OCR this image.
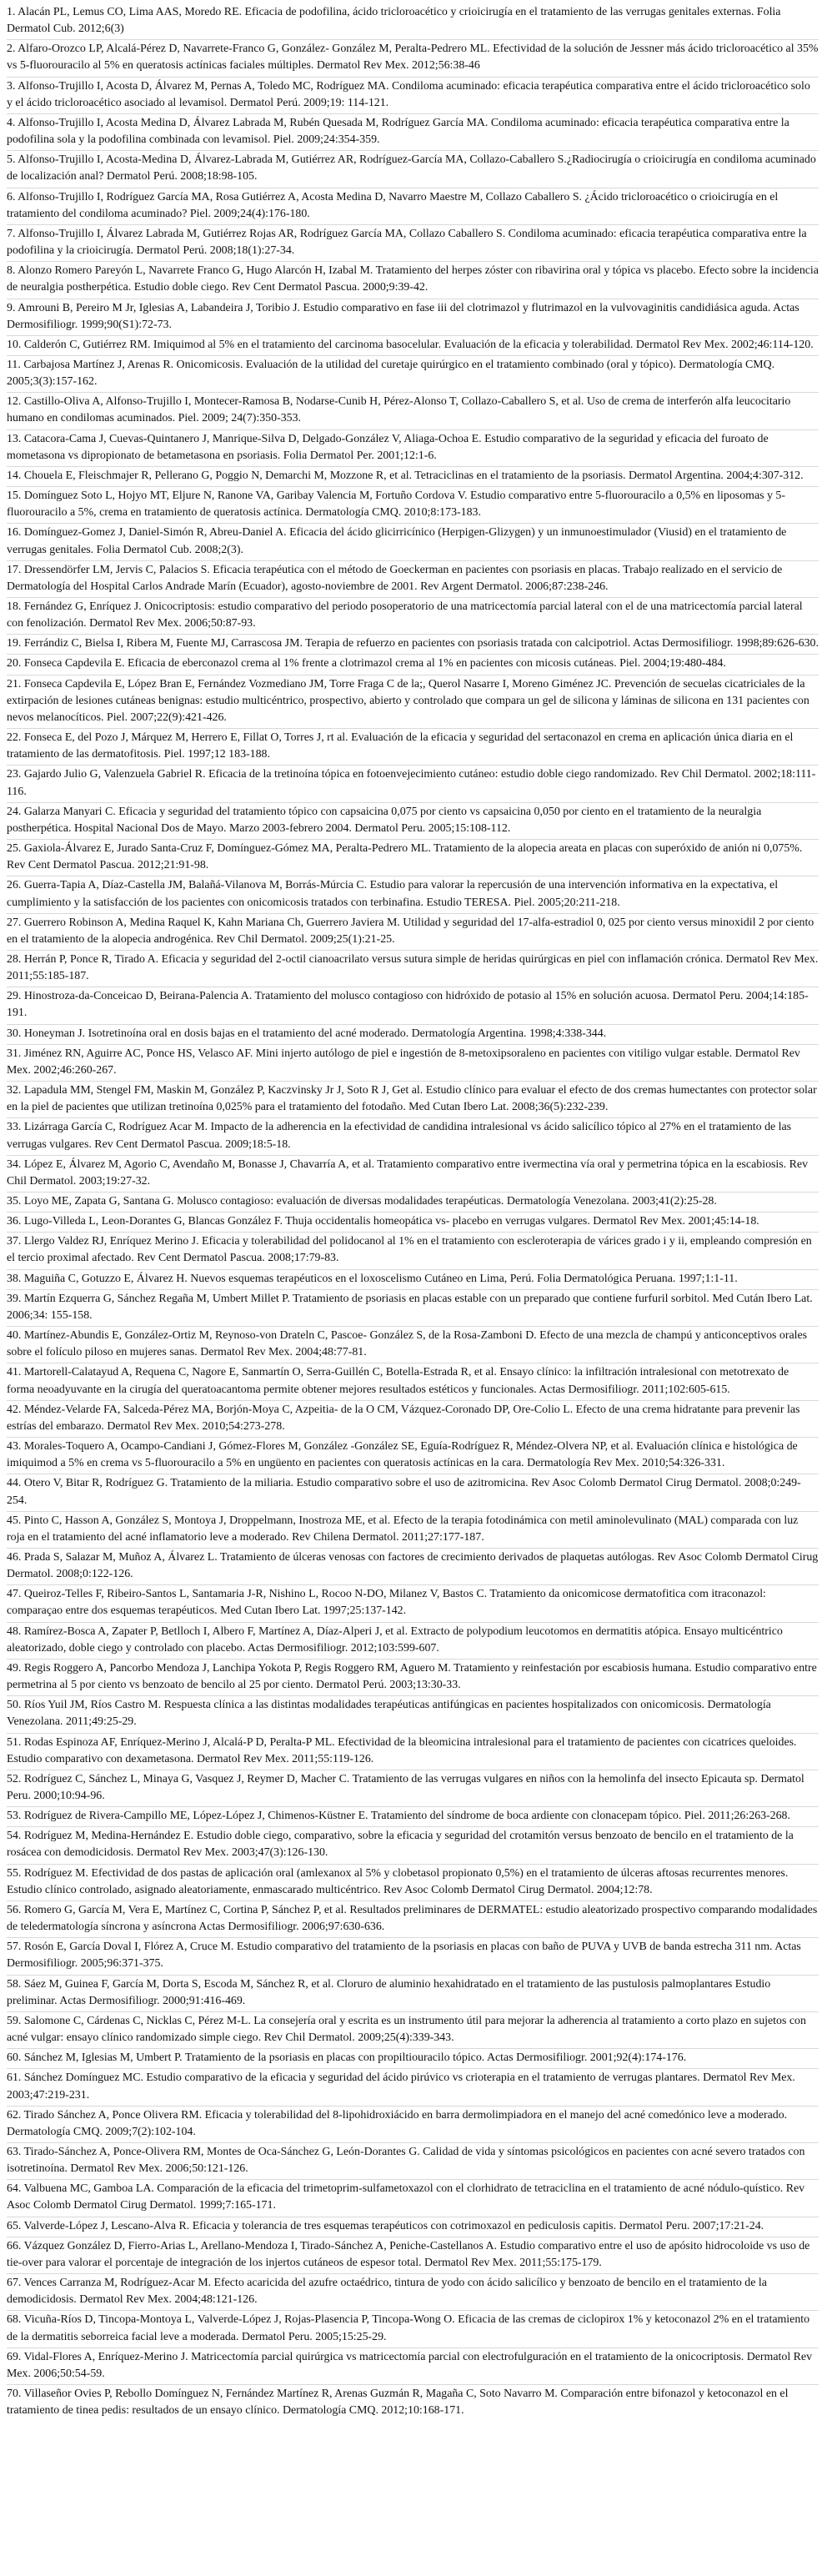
1. Alacán PL, Lemus CO, Lima AAS, Moredo RE. Eficacia de podofilina, ácido tricloroacético y crioicirugía en el tratamiento de las verrugas genitales externas. Folia Dermatol Cub. 2012;6(3)
2. Alfaro-Orozco LP, Alcalá-Pérez D, Navarrete-Franco G, González- González M, Peralta-Pedrero ML. Efectividad de la solución de Jessner más ácido tricloroacético al 35% vs 5-fluorouracilo al 5% en queratosis actínicas faciales múltiples. Dermatol Rev Mex. 2012;56:38-46
3. Alfonso-Trujillo I, Acosta D, Álvarez M, Pernas A, Toledo MC, Rodríguez MA. Condiloma acuminado: eficacia terapéutica comparativa entre el ácido tricloroacético solo y el ácido tricloroacético asociado al levamisol. Dermatol Perú. 2009;19: 114-121.
4. Alfonso-Trujillo I, Acosta Medina D, Álvarez Labrada M, Rubén Quesada M, Rodríguez García MA. Condiloma acuminado: eficacia terapéutica comparativa entre la podofilina sola y la podofilina combinada con levamisol. Piel. 2009;24:354-359.
5. Alfonso-Trujillo I, Acosta-Medina D, Álvarez-Labrada M, Gutiérrez AR, Rodríguez-García MA, Collazo-Caballero S.¿Radiocirugía o crioicirugía en condiloma acuminado de localización anal? Dermatol Perú. 2008;18:98-105.
6. Alfonso-Trujillo I, Rodríguez García MA, Rosa Gutiérrez A, Acosta Medina D, Navarro Maestre M, Collazo Caballero S. ¿Ácido tricloroacético o crioicirugía en el tratamiento del condiloma acuminado? Piel. 2009;24(4):176-180.
7. Alfonso-Trujillo I, Álvarez Labrada M, Gutiérrez Rojas AR, Rodríguez García MA, Collazo Caballero S. Condiloma acuminado: eficacia terapéutica comparativa entre la podofilina y la crioicirugía. Dermatol Perú. 2008;18(1):27-34.
8. Alonzo Romero Pareyón L, Navarrete Franco G, Hugo Alarcón H, Izabal M. Tratamiento del herpes zóster con ribavirina oral y tópica vs placebo. Efecto sobre la incidencia de neuralgia postherpética. Estudio doble ciego. Rev Cent Dermatol Pascua. 2000;9:39-42.
9. Amrouni B, Pereiro M Jr, Iglesias A, Labandeira J, Toribio J. Estudio comparativo en fase iii del clotrimazol y flutrimazol en la vulvovaginitis candidiásica aguda. Actas Dermosifiliogr. 1999;90(S1):72-73.
10. Calderón C, Gutiérrez RM. Imiquimod al 5% en el tratamiento del carcinoma basocelular. Evaluación de la eficacia y tolerabilidad. Dermatol Rev Mex. 2002;46:114-120.
11. Carbajosa Martínez J, Arenas R. Onicomicosis. Evaluación de la utilidad del curetaje quirúrgico en el tratamiento combinado (oral y tópico). Dermatología CMQ. 2005;3(3):157-162.
12. Castillo-Oliva A, Alfonso-Trujillo I, Montecer-Ramosa B, Nodarse-Cunib H, Pérez-Alonso T, Collazo-Caballero S, et al. Uso de crema de interferón alfa leucocitario humano en condilomas acuminados. Piel. 2009; 24(7):350-353.
13. Catacora-Cama J, Cuevas-Quintanero J, Manrique-Silva D, Delgado-González V, Aliaga-Ochoa E. Estudio comparativo de la seguridad y eficacia del furoato de mometasona vs dipropionato de betametasona en psoriasis. Folia Dermatol Per. 2001;12:1-6.
14. Chouela E, Fleischmajer R, Pellerano G, Poggio N, Demarchi M, Mozzone R, et al. Tetraciclinas en el tratamiento de la psoriasis. Dermatol Argentina. 2004;4:307-312.
15. Domínguez Soto L, Hojyo MT, Eljure N, Ranone VA, Garibay Valencia M, Fortuño Cordova V. Estudio comparativo entre 5-fluorouracilo a 0,5% en liposomas y 5-fluorouracilo a 5%, crema en tratamiento de queratosis actínica. Dermatología CMQ. 2010;8:173-183.
16. Domínguez-Gomez J, Daniel-Simón R, Abreu-Daniel A. Eficacia del ácido glicirricínico (Herpigen-Glizygen) y un inmunoestimulador (Viusid) en el tratamiento de verrugas genitales. Folia Dermatol Cub. 2008;2(3).
17. Dressendörfer LM, Jervis C, Palacios S. Eficacia terapéutica con el método de Goeckerman en pacientes con psoriasis en placas. Trabajo realizado en el servicio de Dermatología del Hospital Carlos Andrade Marín (Ecuador), agosto-noviembre de 2001. Rev Argent Dermatol. 2006;87:238-246.
18. Fernández G, Enríquez J. Onicocriptosis: estudio comparativo del periodo posoperatorio de una matricectomía parcial lateral con el de una matricectomía parcial lateral con fenolización. Dermatol Rev Mex. 2006;50:87-93.
19. Ferrándiz C, Bielsa I, Ribera M, Fuente MJ, Carrascosa JM. Terapia de refuerzo en pacientes con psoriasis tratada con calcipotriol. Actas Dermosifiliogr. 1998;89:626-630.
20. Fonseca Capdevila E. Eficacia de eberconazol crema al 1% frente a clotrimazol crema al 1% en pacientes con micosis cutáneas. Piel. 2004;19:480-484.
21. Fonseca Capdevila E, López Bran E, Fernández Vozmediano JM, Torre Fraga C de la;, Querol Nasarre I, Moreno Giménez JC. Prevención de secuelas cicatriciales de la extirpación de lesiones cutáneas benignas: estudio multicéntrico, prospectivo, abierto y controlado que compara un gel de silicona y láminas de silicona en 131 pacientes con nevos melanocíticos. Piel. 2007;22(9):421-426.
22. Fonseca E, del Pozo J, Márquez M, Herrero E, Fillat O, Torres J, rt al. Evaluación de la eficacia y seguridad del sertaconazol en crema en aplicación única diaria en el tratamiento de las dermatofitosis. Piel. 1997;12 183-188.
23. Gajardo Julio G, Valenzuela Gabriel R. Eficacia de la tretinoína tópica en fotoenvejecimiento cutáneo: estudio doble ciego randomizado. Rev Chil Dermatol. 2002;18:111-116.
24. Galarza Manyari C. Eficacia y seguridad del tratamiento tópico con capsaicina 0,075 por ciento vs capsaicina 0,050 por ciento en el tratamiento de la neuralgia postherpética. Hospital Nacional Dos de Mayo. Marzo 2003-febrero 2004. Dermatol Peru. 2005;15:108-112.
25. Gaxiola-Álvarez E, Jurado Santa-Cruz F, Domínguez-Gómez MA, Peralta-Pedrero ML. Tratamiento de la alopecia areata en placas con superóxido de anión ni 0,075%. Rev Cent Dermatol Pascua. 2012;21:91-98.
26. Guerra-Tapia A, Díaz-Castella JM, Balañá-Vilanova M, Borrás-Múrcia C. Estudio para valorar la repercusión de una intervención informativa en la expectativa, el cumplimiento y la satisfacción de los pacientes con onicomicosis tratados con terbinafina. Estudio TERESA. Piel. 2005;20:211-218.
27. Guerrero Robinson A, Medina Raquel K, Kahn Mariana Ch, Guerrero Javiera M. Utilidad y seguridad del 17-alfa-estradiol 0, 025 por ciento versus minoxidil 2 por ciento en el tratamiento de la alopecia androgénica. Rev Chil Dermatol. 2009;25(1):21-25.
28. Herrán P, Ponce R, Tirado A. Eficacia y seguridad del 2-octil cianoacrilato versus sutura simple de heridas quirúrgicas en piel con inflamación crónica. Dermatol Rev Mex. 2011;55:185-187.
29. Hinostroza-da-Conceicao D, Beirana-Palencia A. Tratamiento del molusco contagioso con hidróxido de potasio al 15% en solución acuosa. Dermatol Peru. 2004;14:185-191.
30. Honeyman J. Isotretinoína oral en dosis bajas en el tratamiento del acné moderado. Dermatología Argentina. 1998;4:338-344.
31. Jiménez RN, Aguirre AC, Ponce HS, Velasco AF. Mini injerto autólogo de piel e ingestión de 8-metoxipsoraleno en pacientes con vitiligo vulgar estable. Dermatol Rev Mex. 2002;46:260-267.
32. Lapadula MM, Stengel FM, Maskin M, González P, Kaczvinsky Jr J, Soto R J, Get al. Estudio clínico para evaluar el efecto de dos cremas humectantes con protector solar en la piel de pacientes que utilizan tretinoína 0,025% para el tratamiento del fotodaño. Med Cutan Ibero Lat. 2008;36(5):232-239.
33. Lizárraga García C, Rodríguez Acar M. Impacto de la adherencia en la efectividad de candidina intralesional vs ácido salicílico tópico al 27% en el tratamiento de las verrugas vulgares. Rev Cent Dermatol Pascua. 2009;18:5-18.
34. López E, Álvarez M, Agorio C, Avendaño M, Bonasse J, Chavarría A, et al. Tratamiento comparativo entre ivermectina vía oral y permetrina tópica en la escabiosis. Rev Chil Dermatol. 2003;19:27-32.
35. Loyo ME, Zapata G, Santana G. Molusco contagioso: evaluación de diversas modalidades terapéuticas. Dermatología Venezolana. 2003;41(2):25-28.
36. Lugo-Villeda L, Leon-Dorantes G, Blancas González F. Thuja occidentalis homeopática vs- placebo en verrugas vulgares. Dermatol Rev Mex. 2001;45:14-18.
37. Llergo Valdez RJ, Enríquez Merino J. Eficacia y tolerabilidad del polidocanol al 1% en el tratamiento con escleroterapia de várices grado i y ii, empleando compresión en el tercio proximal afectado. Rev Cent Dermatol Pascua. 2008;17:79-83.
38. Maguiña C, Gotuzzo E, Álvarez H. Nuevos esquemas terapéuticos en el loxoscelismo Cutáneo en Lima, Perú. Folia Dermatológica Peruana. 1997;1:1-11.
39. Martín Ezquerra G, Sánchez Regaña M, Umbert Millet P. Tratamiento de psoriasis en placas estable con un preparado que contiene furfuril sorbitol. Med Cután Ibero Lat. 2006;34: 155-158.
40. Martínez-Abundis E, González-Ortiz M, Reynoso-von Drateln C, Pascoe- González S, de la Rosa-Zamboni D. Efecto de una mezcla de champú y anticonceptivos orales sobre el folículo piloso en mujeres sanas. Dermatol Rev Mex. 2004;48:77-81.
41. Martorell-Calatayud A, Requena C, Nagore E, Sanmartín O, Serra-Guillén C, Botella-Estrada R, et al. Ensayo clínico: la infiltración intralesional con metotrexato de forma neoadyuvante en la cirugía del queratoacantoma permite obtener mejores resultados estéticos y funcionales. Actas Dermosifiliogr. 2011;102:605-615.
42. Méndez-Velarde FA, Salceda-Pérez MA, Borjón-Moya C, Azpeitia- de la O CM, Vázquez-Coronado DP, Ore-Colio L. Efecto de una crema hidratante para prevenir las estrías del embarazo. Dermatol Rev Mex. 2010;54:273-278.
43. Morales-Toquero A, Ocampo-Candiani J, Gómez-Flores M, González -González SE, Eguía-Rodríguez R, Méndez-Olvera NP, et al. Evaluación clínica e histológica de imiquimod a 5% en crema vs 5-fluorouracilo a 5% en ungüento en pacientes con queratosis actínicas en la cara. Dermatología Rev Mex. 2010;54:326-331.
44. Otero V, Bitar R, Rodríguez G. Tratamiento de la miliaria. Estudio comparativo sobre el uso de azitromicina. Rev Asoc Colomb Dermatol Cirug Dermatol. 2008;0:249-254.
45. Pinto C, Hasson A, González S, Montoya J, Droppelmann, Inostroza ME, et al. Efecto de la terapia fotodinámica con metil aminolevulinato (MAL) comparada con luz roja en el tratamiento del acné inflamatorio leve a moderado. Rev Chilena Dermatol. 2011;27:177-187.
46. Prada S, Salazar M, Muñoz A, Álvarez L. Tratamiento de úlceras venosas con factores de crecimiento derivados de plaquetas autólogas. Rev Asoc Colomb Dermatol Cirug Dermatol. 2008;0:122-126.
47. Queiroz-Telles F, Ribeiro-Santos L, Santamaria J-R, Nishino L, Rocoo N-DO, Milanez V, Bastos C. Tratamiento da onicomicose dermatofitica com itraconazol: comparaçao entre dos esquemas terapéuticos. Med Cutan Ibero Lat. 1997;25:137-142.
48. Ramírez-Bosca A, Zapater P, Betlloch I, Albero F, Martínez A, Díaz-Alperi J, et al. Extracto de polypodium leucotomos en dermatitis atópica. Ensayo multicéntrico aleatorizado, doble ciego y controlado con placebo. Actas Dermosifiliogr. 2012;103:599-607.
49. Regis Roggero A, Pancorbo Mendoza J, Lanchipa Yokota P, Regis Roggero RM, Aguero M. Tratamiento y reinfestación por escabiosis humana. Estudio comparativo entre permetrina al 5 por ciento vs benzoato de bencilo al 25 por ciento. Dermatol Perú. 2003;13:30-33.
50. Ríos Yuil JM, Ríos Castro M. Respuesta clínica a las distintas modalidades terapéuticas antifúngicas en pacientes hospitalizados con onicomicosis. Dermatología Venezolana. 2011;49:25-29.
51. Rodas Espinoza AF, Enríquez-Merino J, Alcalá-P D, Peralta-P ML. Efectividad de la bleomicina intralesional para el tratamiento de pacientes con cicatrices queloides. Estudio comparativo con dexametasona. Dermatol Rev Mex. 2011;55:119-126.
52. Rodríguez C, Sánchez L, Minaya G, Vasquez J, Reymer D, Macher C. Tratamiento de las verrugas vulgares en niños con la hemolinfa del insecto Epicauta sp. Dermatol Peru. 2000;10:94-96.
53. Rodríguez de Rivera-Campillo ME, López-López J, Chimenos-Küstner E. Tratamiento del síndrome de boca ardiente con clonacepam tópico. Piel. 2011;26:263-268.
54. Rodríguez M, Medina-Hernández E. Estudio doble ciego, comparativo, sobre la eficacia y seguridad del crotamitón versus benzoato de bencilo en el tratamiento de la rosácea con demodicidosis. Dermatol Rev Mex. 2003;47(3):126-130.
55. Rodríguez M. Efectividad de dos pastas de aplicación oral (amlexanox al 5% y clobetasol propionato 0,5%) en el tratamiento de úlceras aftosas recurrentes menores. Estudio clínico controlado, asignado aleatoriamente, enmascarado multicéntrico. Rev Asoc Colomb Dermatol Cirug Dermatol. 2004;12:78.
56. Romero G, García M, Vera E, Martínez C, Cortina P, Sánchez P, et al. Resultados preliminares de DERMATEL: estudio aleatorizado prospectivo comparando modalidades de teledermatología síncrona y asíncrona Actas Dermosifiliogr. 2006;97:630-636.
57. Rosón E, García Doval I, Flórez A, Cruce M. Estudio comparativo del tratamiento de la psoriasis en placas con baño de PUVA y UVB de banda estrecha 311 nm. Actas Dermosifiliogr. 2005;96:371-375.
58. Sáez M, Guinea F, García M, Dorta S, Escoda M, Sánchez R, et al. Cloruro de aluminio hexahidratado en el tratamiento de las pustulosis palmoplantares Estudio preliminar. Actas Dermosifiliogr. 2000;91:416-469.
59. Salomone C, Cárdenas C, Nicklas C, Pérez M-L. La consejería oral y escrita es un instrumento útil para mejorar la adherencia al tratamiento a corto plazo en sujetos con acné vulgar: ensayo clínico randomizado simple ciego. Rev Chil Dermatol. 2009;25(4):339-343.
60. Sánchez M, Iglesias M, Umbert P. Tratamiento de la psoriasis en placas con propiltiouracilo tópico. Actas Dermosifiliogr. 2001;92(4):174-176.
61. Sánchez Domínguez MC. Estudio comparativo de la eficacia y seguridad del ácido pirúvico vs crioterapia en el tratamiento de verrugas plantares. Dermatol Rev Mex. 2003;47:219-231.
62. Tirado Sánchez A, Ponce Olivera RM. Eficacia y tolerabilidad del 8-lipohidroxiácido en barra dermolimpiadora en el manejo del acné comedónico leve a moderado. Dermatología CMQ. 2009;7(2):102-104.
63. Tirado-Sánchez A, Ponce-Olivera RM, Montes de Oca-Sánchez G, León-Dorantes G. Calidad de vida y síntomas psicológicos en pacientes con acné severo tratados con isotretinoína. Dermatol Rev Mex. 2006;50:121-126.
64. Valbuena MC, Gamboa LA. Comparación de la eficacia del trimetoprim-sulfametoxazol con el clorhidrato de tetraciclina en el tratamiento de acné nódulo-quístico. Rev Asoc Colomb Dermatol Cirug Dermatol. 1999;7:165-171.
65. Valverde-López J, Lescano-Alva R. Eficacia y tolerancia de tres esquemas terapéuticos con cotrimoxazol en pediculosis capitis. Dermatol Peru. 2007;17:21-24.
66. Vázquez González D, Fierro-Arias L, Arellano-Mendoza I, Tirado-Sánchez A, Peniche-Castellanos A. Estudio comparativo entre el uso de apósito hidrocoloide vs uso de tie-over para valorar el porcentaje de integración de los injertos cutáneos de espesor total. Dermatol Rev Mex. 2011;55:175-179.
67. Vences Carranza M, Rodríguez-Acar M. Efecto acaricida del azufre octaédrico, tintura de yodo con ácido salicílico y benzoato de bencilo en el tratamiento de la demodicidosis. Dermatol Rev Mex. 2004;48:121-126.
68. Vicuña-Ríos D, Tincopa-Montoya L, Valverde-López J, Rojas-Plasencia P, Tincopa-Wong O. Eficacia de las cremas de ciclopirox 1% y ketoconazol 2% en el tratamiento de la dermatitis seborreica facial leve a moderada. Dermatol Peru. 2005;15:25-29.
69. Vidal-Flores A, Enríquez-Merino J. Matricectomía parcial quirúrgica vs matricectomía parcial con electrofulguración en el tratamiento de la onicocriptosis. Dermatol Rev Mex. 2006;50:54-59.
70. Villaseñor Ovies P, Rebollo Domínguez N, Fernández Martínez R, Arenas Guzmán R, Magaña C, Soto Navarro M. Comparación entre bifonazol y ketoconazol en el tratamiento de tinea pedis: resultados de un ensayo clínico. Dermatología CMQ. 2012;10:168-171.
